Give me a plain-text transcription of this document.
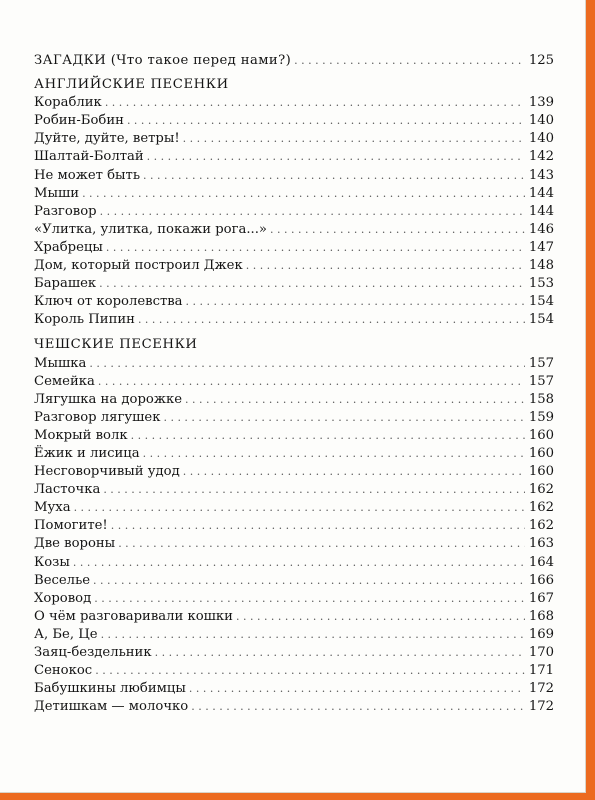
ЗАГАДКИ (Что такое перед нами?) . . .	125
АНГЛИЙСКИЕ ПЕСЕНКИ
Кораблик . . .	139
Робин-Бобин . . .	140
Дуйте, дуйте, ветры! . . .	140
Шалтай-Болтай . . .	142
Не может быть . . .	143
Мыши . . .	144
Разговор . . .	144
«Улитка, улитка, покажи рога...» . . .	146
Храбрецы . . .	147
Дом, который построил Джек . . .	148
Барашек . . .	153
Ключ от королевства . . .	154
Король Пипин . . .	154
ЧЕШСКИЕ ПЕСЕНКИ
Мышка . . .	157
Семейка . . .	157
Лягушка на дорожке . . .	158
Разговор лягушек . . .	159
Мокрый волк . . .	160
Ёжик и лисица . . .	160
Несговорчивый удод . . .	160
Ласточка . . .	162
Муха . . .	162
Помогите! . . .	162
Две вороны . . .	163
Козы . . .	164
Веселье . . .	166
Хоровод . . .	167
О чём разговаривали кошки . . .	168
А, Бе, Це . . .	169
Заяц-бездельник . . .	170
Сенокос . . .	171
Бабушкины любимцы . . .	172
Детишкам — молочко . . .	172
